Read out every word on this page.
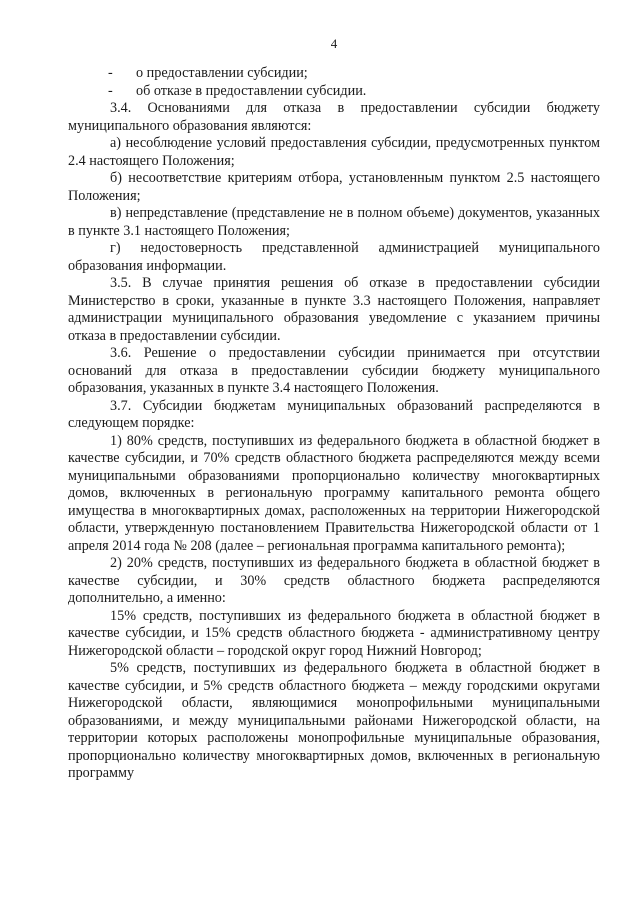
4

- о предоставлении субсидии;

- об отказе в предоставлении субсидии.

3.4. Основаниями для отказа в предоставлении субсидии бюджету муниципального образования являются:

а) несоблюдение условий предоставления субсидии, предусмотренных пунктом 2.4 настоящего Положения;

б) несоответствие критериям отбора, установленным пунктом 2.5 настоящего Положения;

в) непредставление (представление не в полном объеме) документов, указанных в пункте 3.1 настоящего Положения;

г) недостоверность представленной администрацией муниципального образования информации.

3.5. В случае принятия решения об отказе в предоставлении субсидии Министерство в сроки, указанные в пункте 3.3 настоящего Положения, направляет администрации муниципального образования уведомление с указанием причины отказа в предоставлении субсидии.

3.6. Решение о предоставлении субсидии принимается при отсутствии оснований для отказа в предоставлении субсидии бюджету муниципального образования, указанных в пункте 3.4 настоящего Положения.

3.7. Субсидии бюджетам муниципальных образований распределяются в следующем порядке:

1) 80% средств, поступивших из федерального бюджета в областной бюджет в качестве субсидии, и 70% средств областного бюджета распределяются между всеми муниципальными образованиями пропорционально количеству многоквартирных домов, включенных в региональную программу капитального ремонта общего имущества в многоквартирных домах, расположенных на территории Нижегородской области, утвержденную постановлением Правительства Нижегородской области от 1 апреля 2014 года № 208 (далее – региональная программа капитального ремонта);

2) 20% средств, поступивших из федерального бюджета в областной бюджет в качестве субсидии, и 30% средств областного бюджета распределяются дополнительно, а именно:

15% средств, поступивших из федерального бюджета в областной бюджет в качестве субсидии, и 15% средств областного бюджета - административному центру Нижегородской области – городской округ город Нижний Новгород;

5% средств, поступивших из федерального бюджета в областной бюджет в качестве субсидии, и 5% средств областного бюджета – между городскими округами Нижегородской области, являющимися монопрофильными муниципальными образованиями, и между муниципальными районами Нижегородской области, на территории которых расположены монопрофильные муниципальные образования, пропорционально количеству многоквартирных домов, включенных в региональную программу
